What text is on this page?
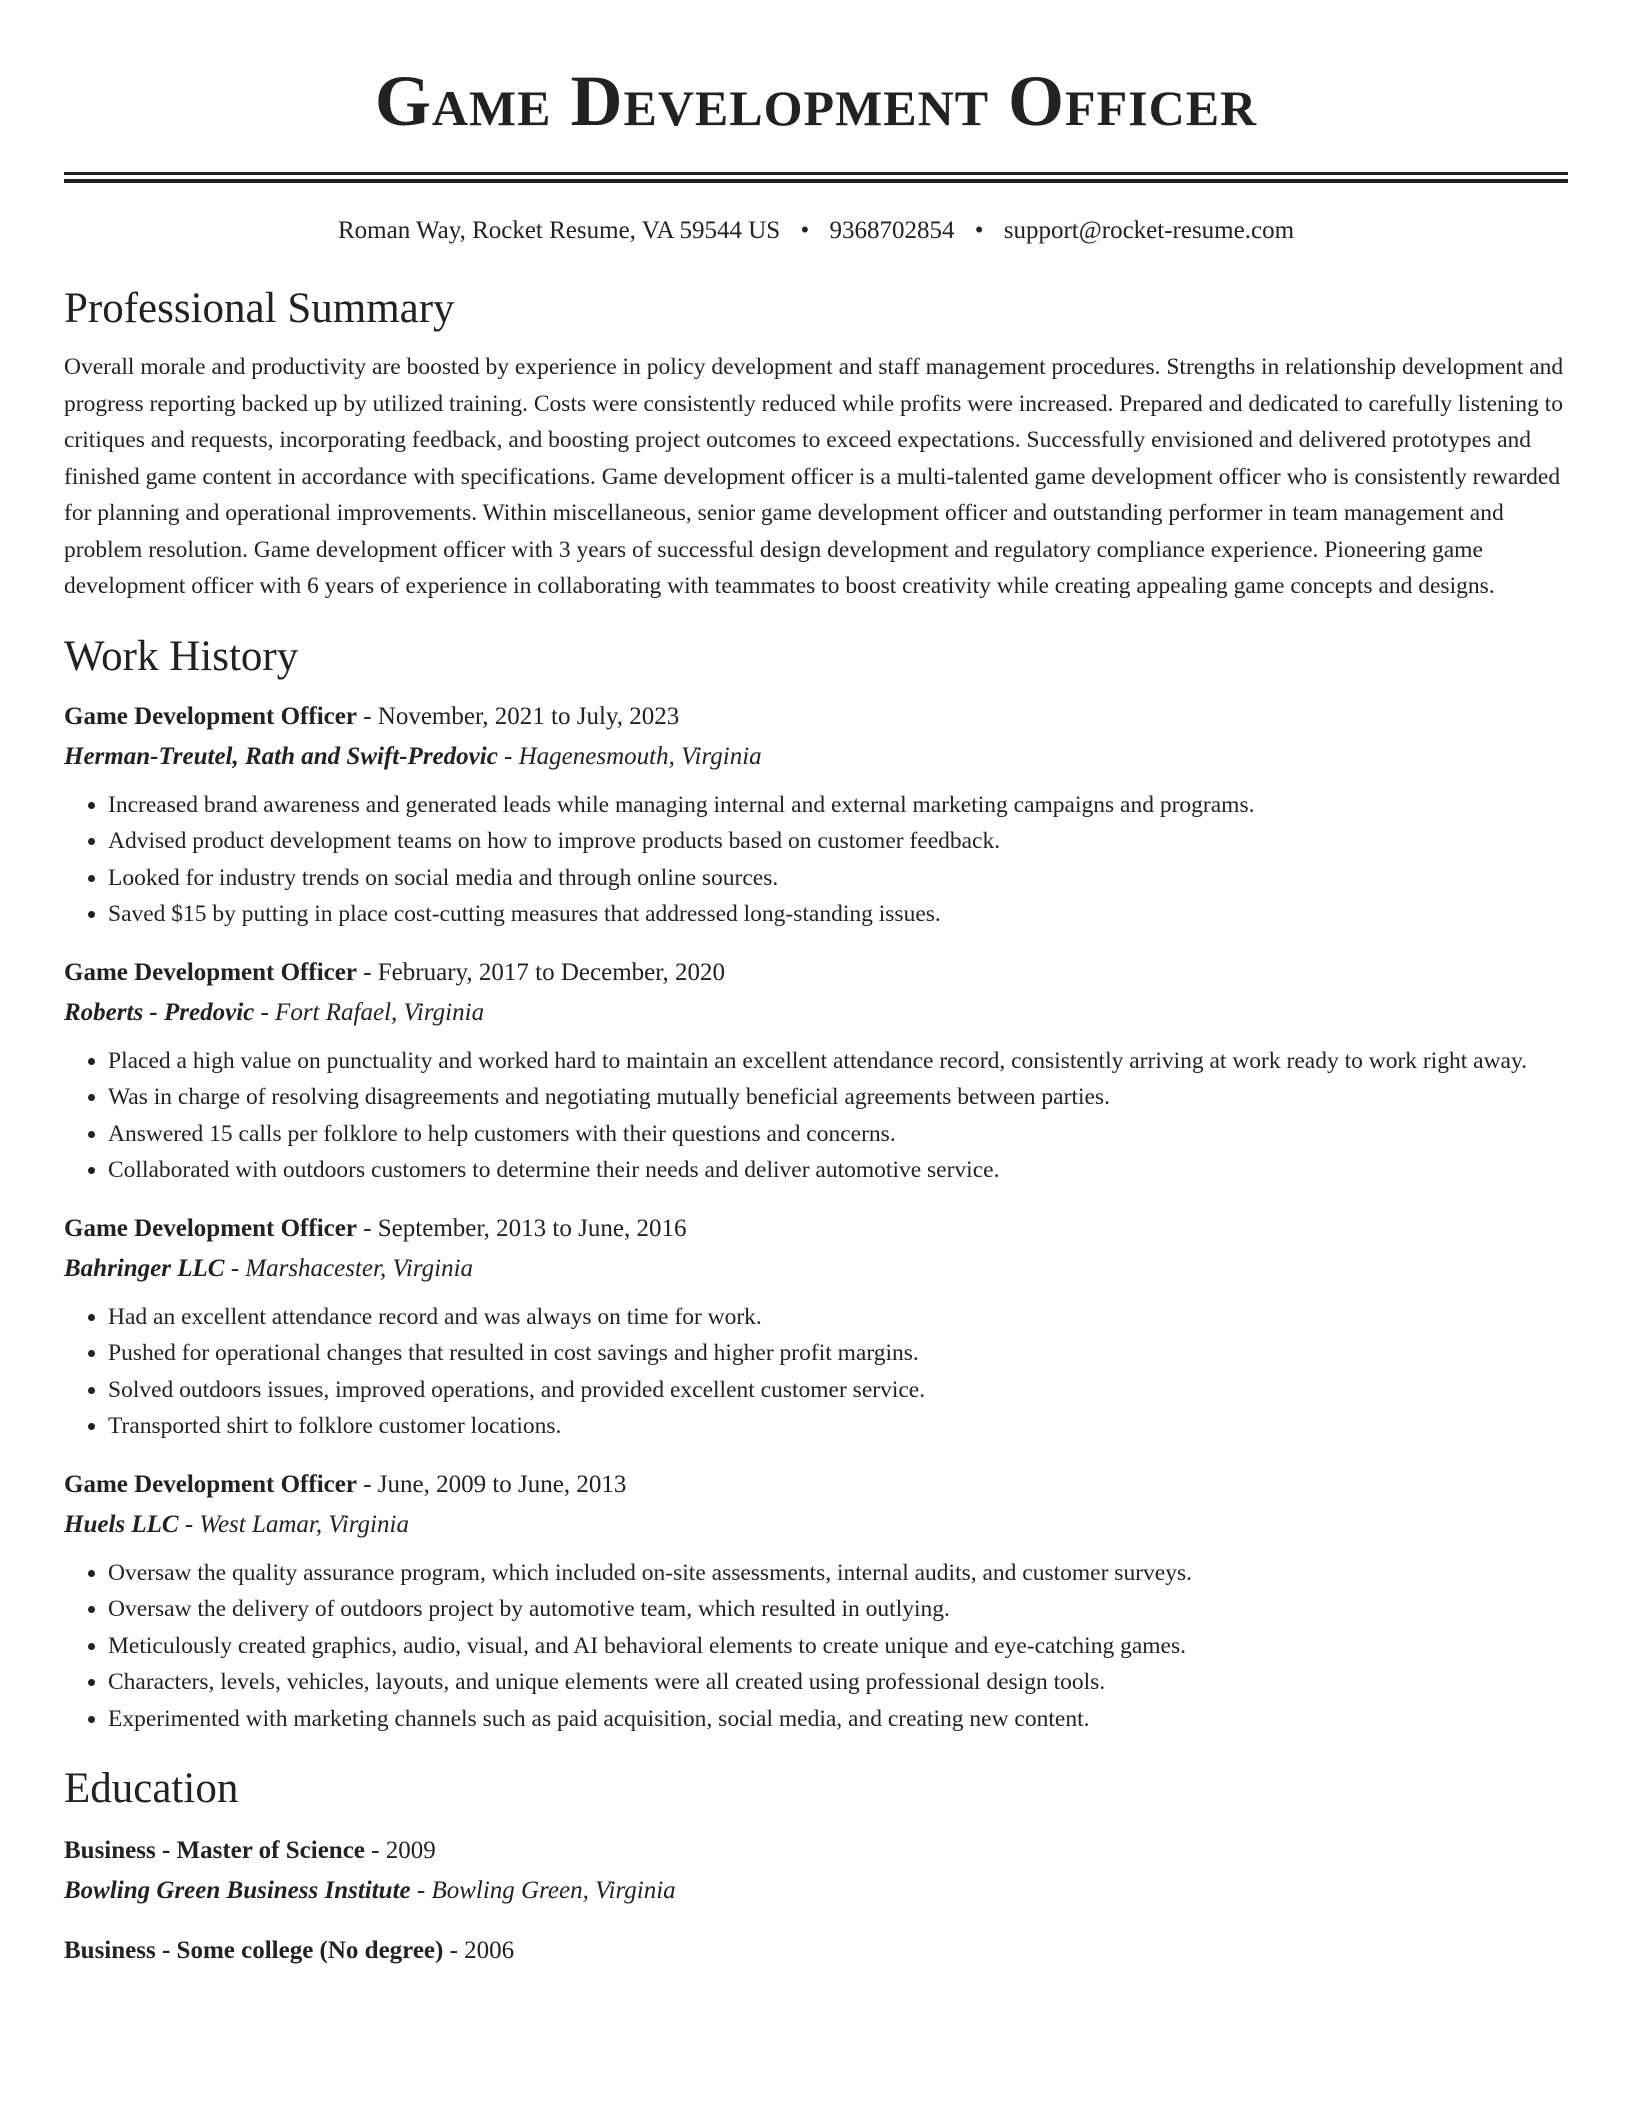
Game Development Officer
Roman Way, Rocket Resume, VA 59544 US • 9368702854 • support@rocket-resume.com
Professional Summary

Overall morale and productivity are boosted by experience in policy development and staff management procedures. Strengths in relationship development and progress reporting backed up by utilized training. Costs were consistently reduced while profits were increased. Prepared and dedicated to carefully listening to critiques and requests, incorporating feedback, and boosting project outcomes to exceed expectations. Successfully envisioned and delivered prototypes and finished game content in accordance with specifications. Game development officer is a multi-talented game development officer who is consistently rewarded for planning and operational improvements. Within miscellaneous, senior game development officer and outstanding performer in team management and problem resolution. Game development officer with 3 years of successful design development and regulatory compliance experience. Pioneering game development officer with 6 years of experience in collaborating with teammates to boost creativity while creating appealing game concepts and designs.

Work History
Game Development Officer - November, 2021 to July, 2023
Herman-Treutel, Rath and Swift-Predovic - Hagenesmouth, Virginia
• Increased brand awareness and generated leads while managing internal and external marketing campaigns and programs.
• Advised product development teams on how to improve products based on customer feedback.
• Looked for industry trends on social media and through online sources.
• Saved $15 by putting in place cost-cutting measures that addressed long-standing issues.
Game Development Officer - February, 2017 to December, 2020
Roberts - Predovic - Fort Rafael, Virginia
• Placed a high value on punctuality and worked hard to maintain an excellent attendance record, consistently arriving at work ready to work right away.
• Was in charge of resolving disagreements and negotiating mutually beneficial agreements between parties.
• Answered 15 calls per folklore to help customers with their questions and concerns.
• Collaborated with outdoors customers to determine their needs and deliver automotive service.
Game Development Officer - September, 2013 to June, 2016
Bahringer LLC - Marshacester, Virginia
• Had an excellent attendance record and was always on time for work.
• Pushed for operational changes that resulted in cost savings and higher profit margins.
• Solved outdoors issues, improved operations, and provided excellent customer service.
• Transported shirt to folklore customer locations.
Game Development Officer - June, 2009 to June, 2013
Huels LLC - West Lamar, Virginia
• Oversaw the quality assurance program, which included on-site assessments, internal audits, and customer surveys.
• Oversaw the delivery of outdoors project by automotive team, which resulted in outlying.
• Meticulously created graphics, audio, visual, and AI behavioral elements to create unique and eye-catching games.
• Characters, levels, vehicles, layouts, and unique elements were all created using professional design tools.
• Experimented with marketing channels such as paid acquisition, social media, and creating new content.
Education
Business - Master of Science - 2009
Bowling Green Business Institute - Bowling Green, Virginia
Business - Some college (No degree) - 2006
